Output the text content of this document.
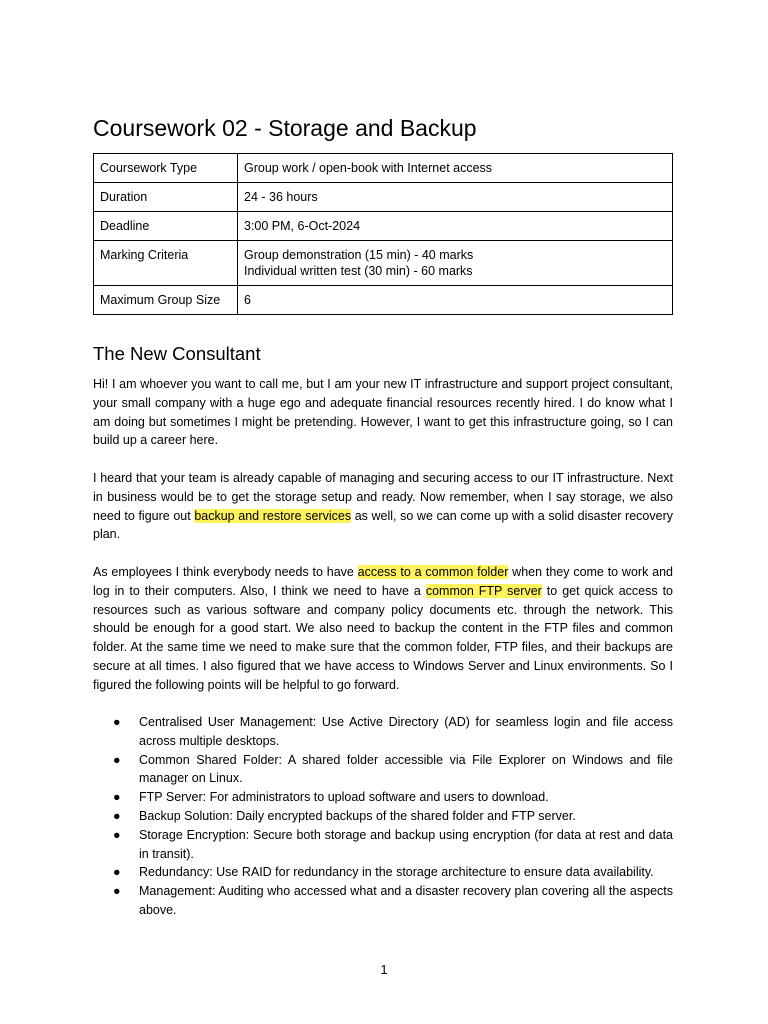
Coursework 02 - Storage and Backup
Coursework Type	Group work / open-book with Internet access

Duration	24 - 36 hours

Deadline	3:00 PM, 6-Oct-2024

Marking Criteria	Group demonstration (15 min) - 40 marks
Individual written test (30 min) - 60 marks

Maximum Group Size	6
The New Consultant

Hi! I am whoever you want to call me, but I am your new IT infrastructure and support project consultant, your small company with a huge ego and adequate financial resources recently hired. I do know what I am doing but sometimes I might be pretending. However, I want to get this infrastructure going, so I can build up a career here.

I heard that your team is already capable of managing and securing access to our IT infrastructure. Next in business would be to get the storage setup and ready. Now remember, when I say storage, we also need to figure out backup and restore services as well, so we can come up with a solid disaster recovery plan.

As employees I think everybody needs to have access to a common folder when they come to work and log in to their computers. Also, I think we need to have a common FTP server to get quick access to resources such as various software and company policy documents etc. through the network. This should be enough for a good start. We also need to backup the content in the FTP files and common folder. At the same time we need to make sure that the common folder, FTP files, and their backups are secure at all times. I also figured that we have access to Windows Server and Linux environments. So I figured the following points will be helpful to go forward.

● Centralised User Management: Use Active Directory (AD) for seamless login and file access across multiple desktops.
● Common Shared Folder: A shared folder accessible via File Explorer on Windows and file manager on Linux.
● FTP Server: For administrators to upload software and users to download.
● Backup Solution: Daily encrypted backups of the shared folder and FTP server.
● Storage Encryption: Secure both storage and backup using encryption (for data at rest and data in transit).
● Redundancy: Use RAID for redundancy in the storage architecture to ensure data availability.
● Management: Auditing who accessed what and a disaster recovery plan covering all the aspects above.
1
